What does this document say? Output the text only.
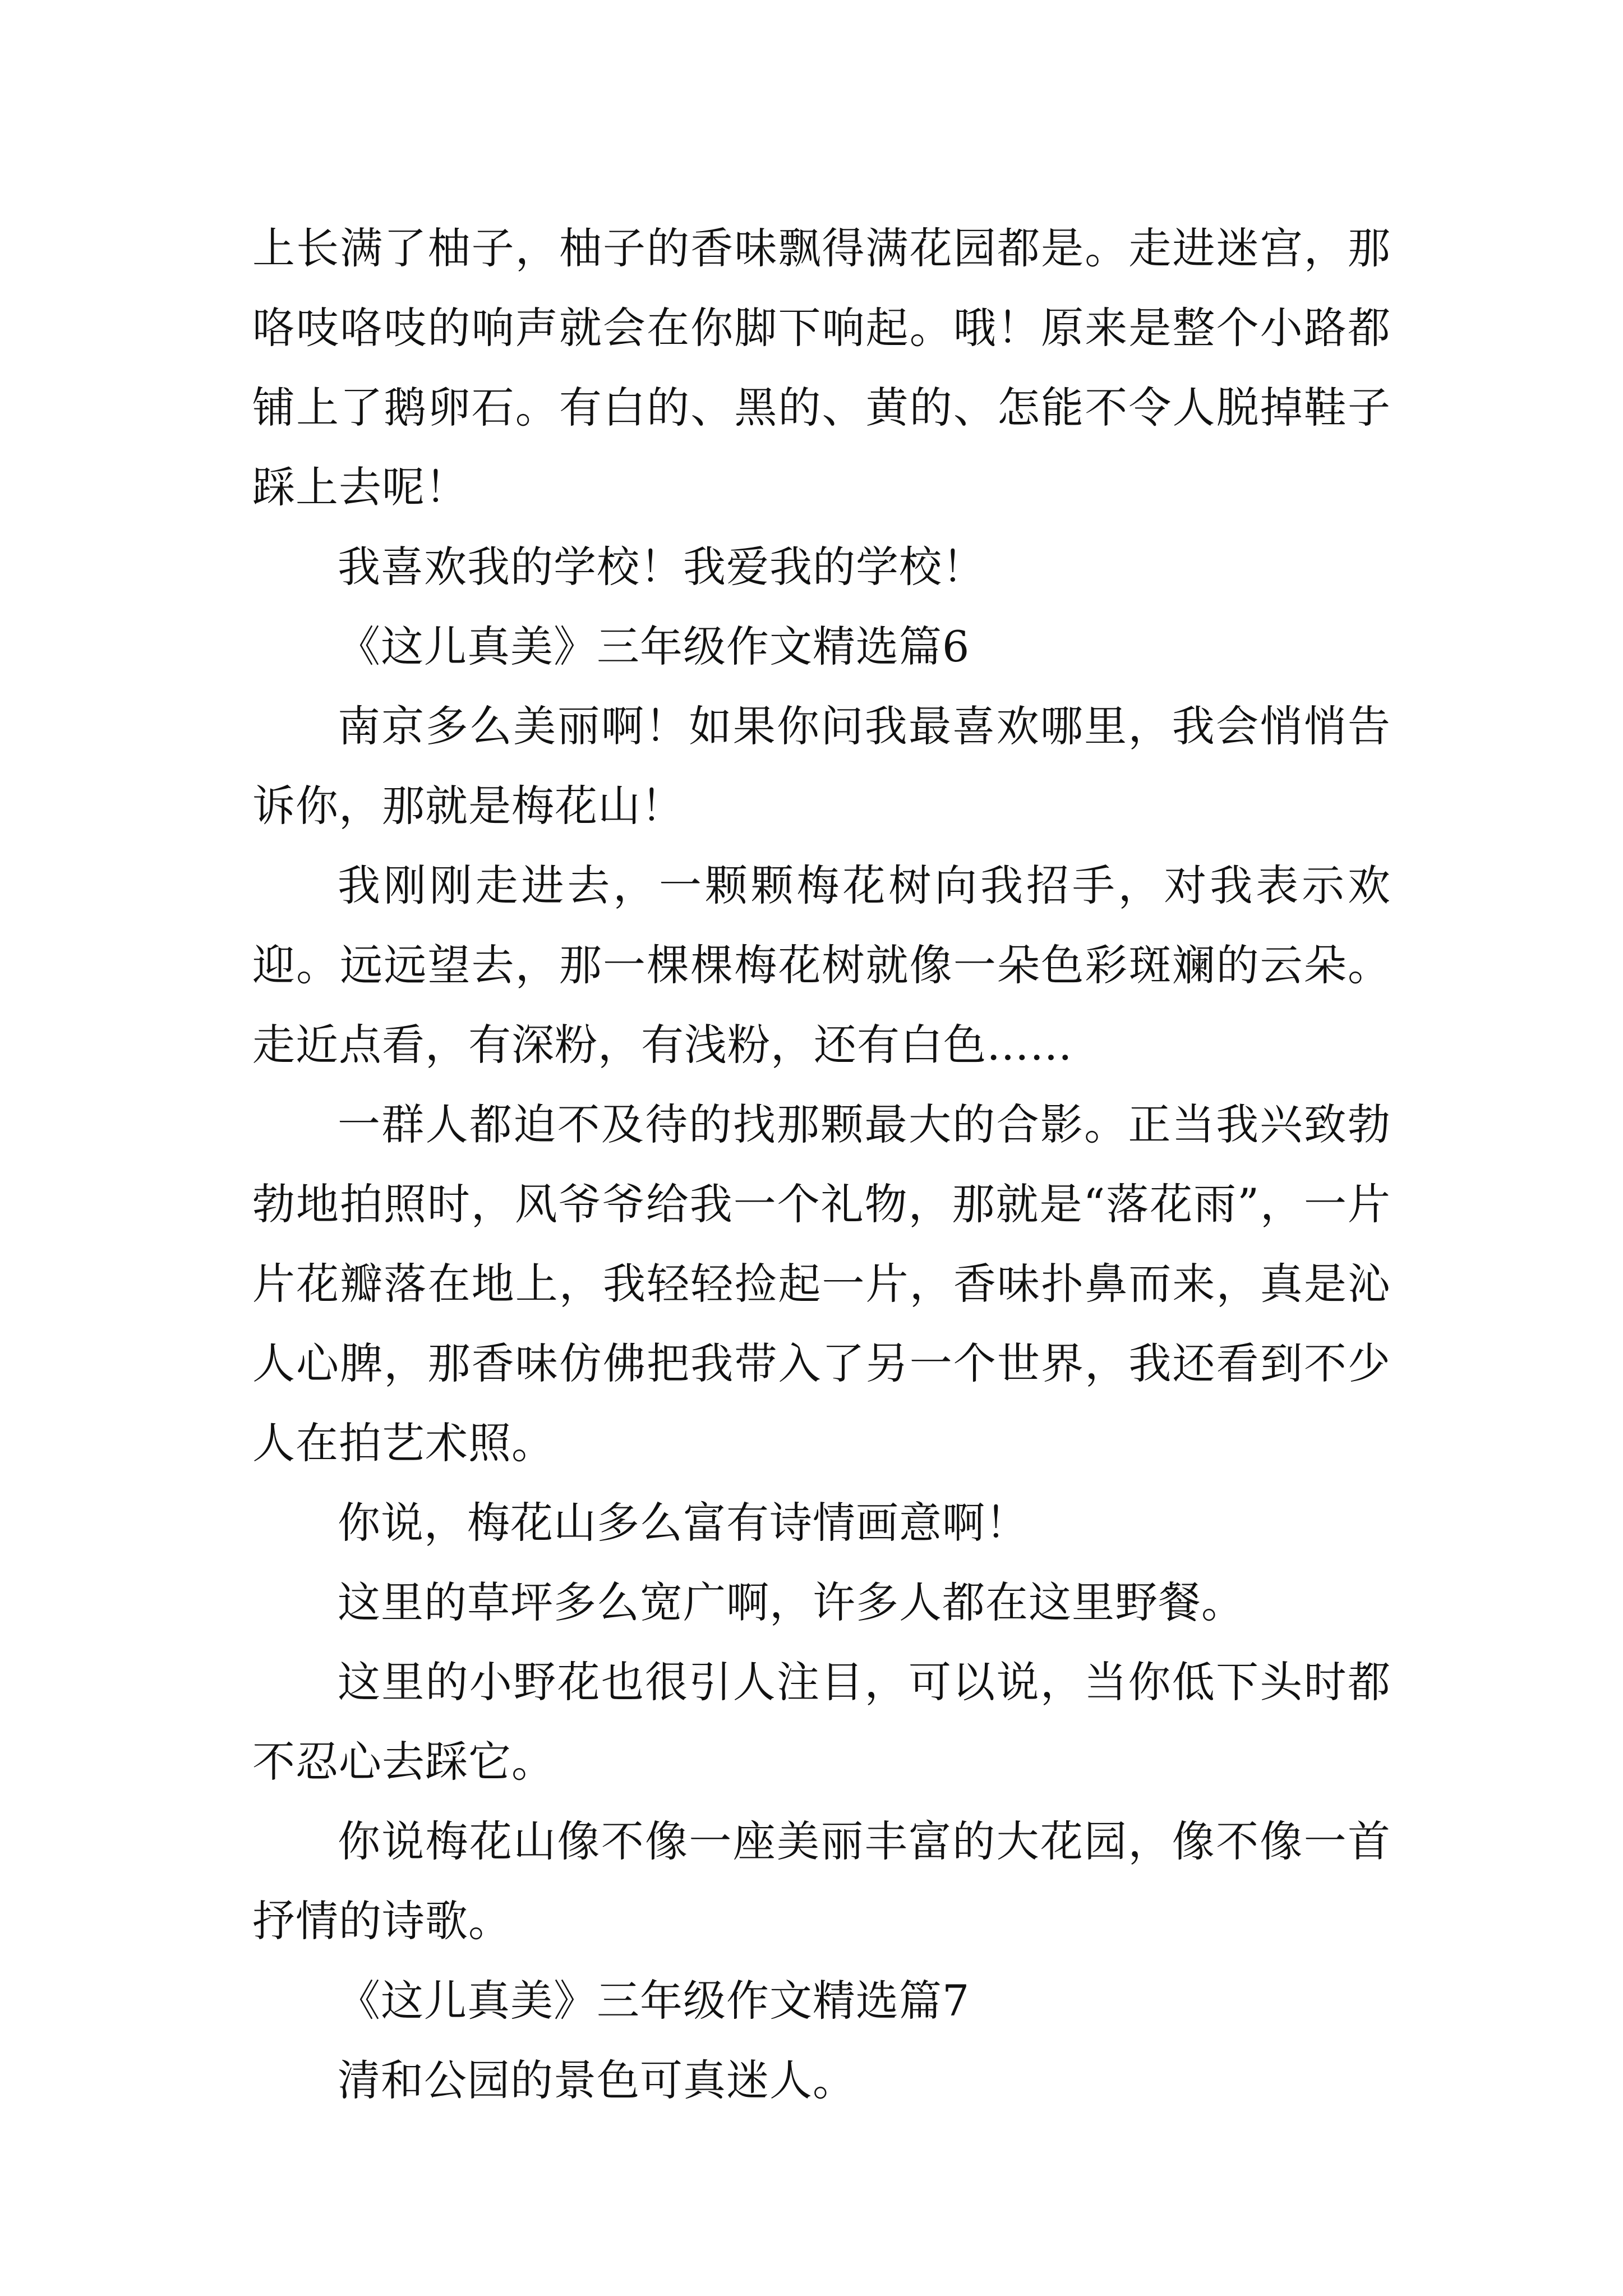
上长满了柚子，柚子的香味飘得满花园都是。走进迷宫，那咯吱咯吱的响声就会在你脚下响起。哦！原来是整个小路都铺上了鹅卵石。有白的、黑的、黄的、怎能不令人脱掉鞋子踩上去呢！

我喜欢我的学校！我爱我的学校！

《这儿真美》三年级作文精选篇6

南京多么美丽啊！如果你问我最喜欢哪里，我会悄悄告诉你，那就是梅花山！

我刚刚走进去，一颗颗梅花树向我招手，对我表示欢迎。远远望去，那一棵棵梅花树就像一朵色彩斑斓的云朵。走近点看，有深粉，有浅粉，还有白色……

一群人都迫不及待的找那颗最大的合影。正当我兴致勃勃地拍照时，风爷爷给我一个礼物，那就是“落花雨”，一片片花瓣落在地上，我轻轻捡起一片，香味扑鼻而来，真是沁人心脾，那香味仿佛把我带入了另一个世界，我还看到不少人在拍艺术照。

你说，梅花山多么富有诗情画意啊！

这里的草坪多么宽广啊，许多人都在这里野餐。

这里的小野花也很引人注目，可以说，当你低下头时都不忍心去踩它。

你说梅花山像不像一座美丽丰富的大花园，像不像一首抒情的诗歌。

《这儿真美》三年级作文精选篇7

清和公园的景色可真迷人。
